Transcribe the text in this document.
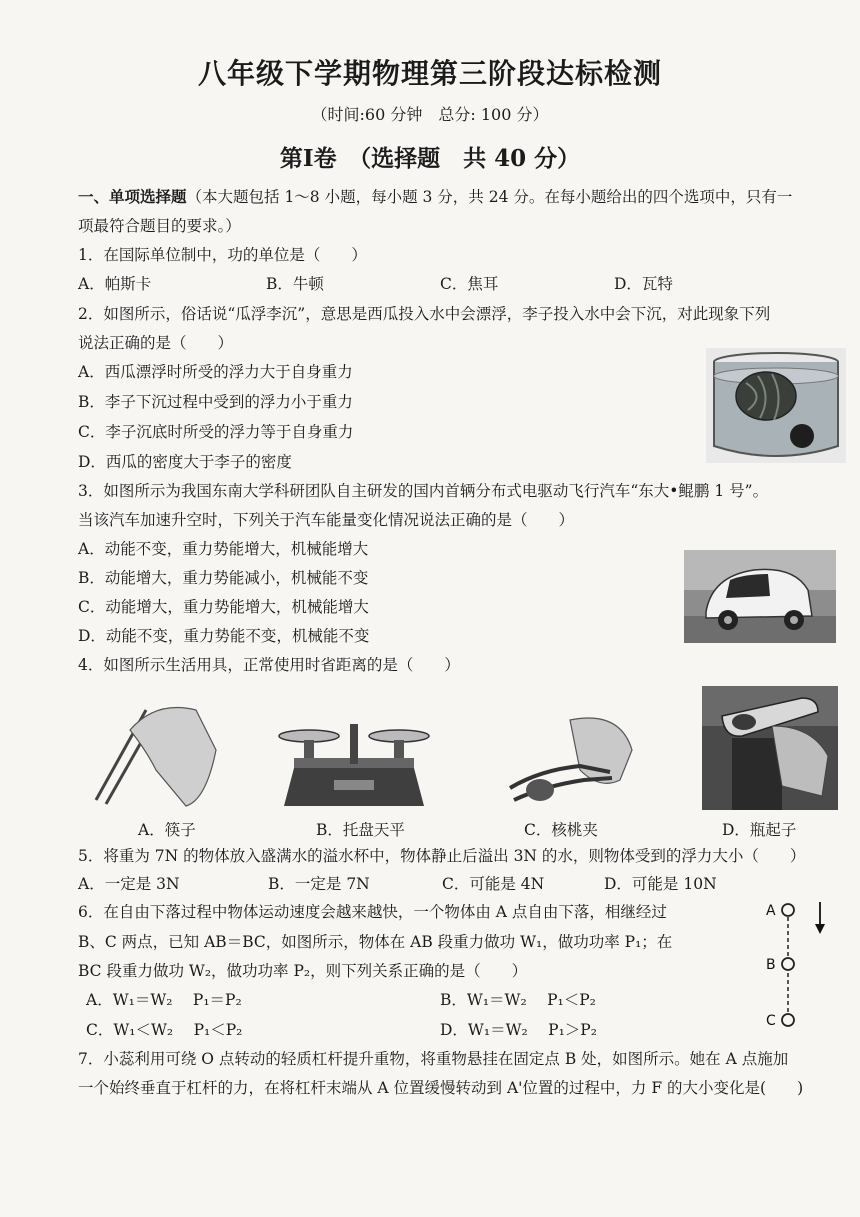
八年级下学期物理第三阶段达标检测
（时间:60 分钟　总分: 100 分）
第Ⅰ卷　（选择题　共 40 分）
一、单项选择题（本大题包括 1～8 小题，每小题 3 分，共 24 分。在每小题给出的四个选项中，只有一
项最符合题目的要求。）
1．在国际单位制中，功的单位是（　　）
A．帕斯卡	B．牛顿	C．焦耳	D．瓦特
2．如图所示，俗话说“瓜浮李沉”，意思是西瓜投入水中会漂浮，李子投入水中会下沉，对此现象下列
说法正确的是（　　）
A．西瓜漂浮时所受的浮力大于自身重力
B．李子下沉过程中受到的浮力小于重力
C．李子沉底时所受的浮力等于自身重力
D．西瓜的密度大于李子的密度
3．如图所示为我国东南大学科研团队自主研发的国内首辆分布式电驱动飞行汽车“东大•鲲鹏 1 号”。
当该汽车加速升空时，下列关于汽车能量变化情况说法正确的是（　　）
A．动能不变，重力势能增大，机械能增大
B．动能增大，重力势能减小，机械能不变
C．动能增大，重力势能增大，机械能增大
D．动能不变，重力势能不变，机械能不变
4．如图所示生活用具，正常使用时省距离的是（　　）
A．筷子	B．托盘天平	C．核桃夹	D．瓶起子
5．将重为 7N 的物体放入盛满水的溢水杯中，物体静止后溢出 3N 的水，则物体受到的浮力大小（　　）
A．一定是 3N	B．一定是 7N	C．可能是 4N	D．可能是 10N
6．在自由下落过程中物体运动速度会越来越快，一个物体由 A 点自由下落，相继经过
B、C 两点，已知 AB＝BC，如图所示，物体在 AB 段重力做功 W₁，做功功率 P₁；在
BC 段重力做功 W₂，做功功率 P₂，则下列关系正确的是（　　）
A．W₁＝W₂　 P₁＝P₂	B．W₁＝W₂　 P₁＜P₂
C．W₁＜W₂　 P₁＜P₂	D．W₁＝W₂　 P₁＞P₂
A
B
C
7．小蕊利用可绕 O 点转动的轻质杠杆提升重物，将重物悬挂在固定点 B 处，如图所示。她在 A 点施加
一个始终垂直于杠杆的力，在将杠杆末端从 A 位置缓慢转动到 A'位置的过程中，力 F 的大小变化是(　　)
